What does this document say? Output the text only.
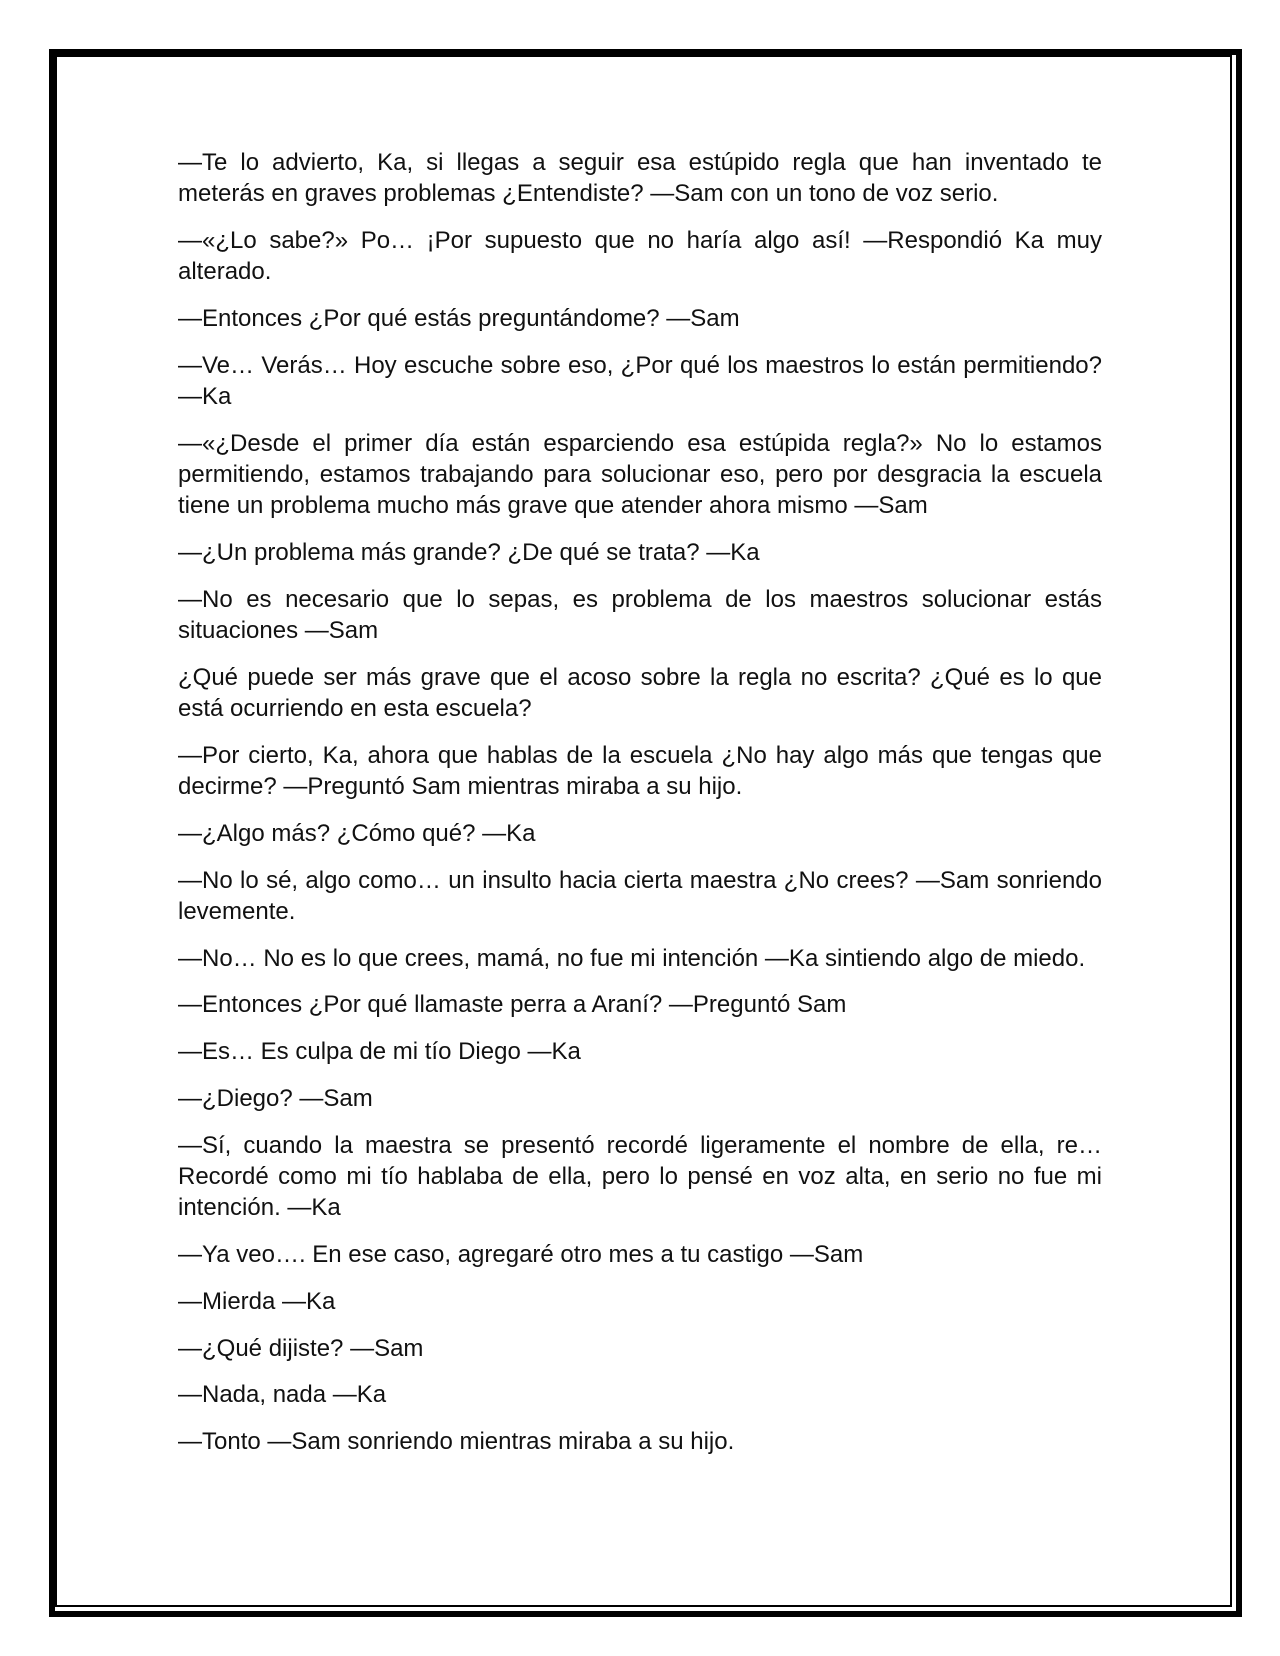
—Te lo advierto, Ka, si llegas a seguir esa estúpido regla que han inventado te meterás en graves problemas ¿Entendiste? —Sam con un tono de voz serio.

—«¿Lo sabe?» Po… ¡Por supuesto que no haría algo así! —Respondió Ka muy alterado.

—Entonces ¿Por qué estás preguntándome? —Sam

—Ve… Verás… Hoy escuche sobre eso, ¿Por qué los maestros lo están permitiendo? —Ka

—«¿Desde el primer día están esparciendo esa estúpida regla?» No lo estamos permitiendo, estamos trabajando para solucionar eso, pero por desgracia la escuela tiene un problema mucho más grave que atender ahora mismo —Sam

—¿Un problema más grande? ¿De qué se trata? —Ka

—No es necesario que lo sepas, es problema de los maestros solucionar estás situaciones —Sam

¿Qué puede ser más grave que el acoso sobre la regla no escrita? ¿Qué es lo que está ocurriendo en esta escuela?

—Por cierto, Ka, ahora que hablas de la escuela ¿No hay algo más que tengas que decirme? —Preguntó Sam mientras miraba a su hijo.

—¿Algo más? ¿Cómo qué? —Ka

—No lo sé, algo como… un insulto hacia cierta maestra ¿No crees? —Sam sonriendo levemente.

—No… No es lo que crees, mamá, no fue mi intención —Ka sintiendo algo de miedo.

—Entonces ¿Por qué llamaste perra a Araní? —Preguntó Sam

—Es… Es culpa de mi tío Diego —Ka

—¿Diego? —Sam

—Sí, cuando la maestra se presentó recordé ligeramente el nombre de ella, re… Recordé como mi tío hablaba de ella, pero lo pensé en voz alta, en serio no fue mi intención. —Ka

—Ya veo…. En ese caso, agregaré otro mes a tu castigo —Sam

—Mierda —Ka

—¿Qué dijiste? —Sam

—Nada, nada —Ka

—Tonto —Sam sonriendo mientras miraba a su hijo.
